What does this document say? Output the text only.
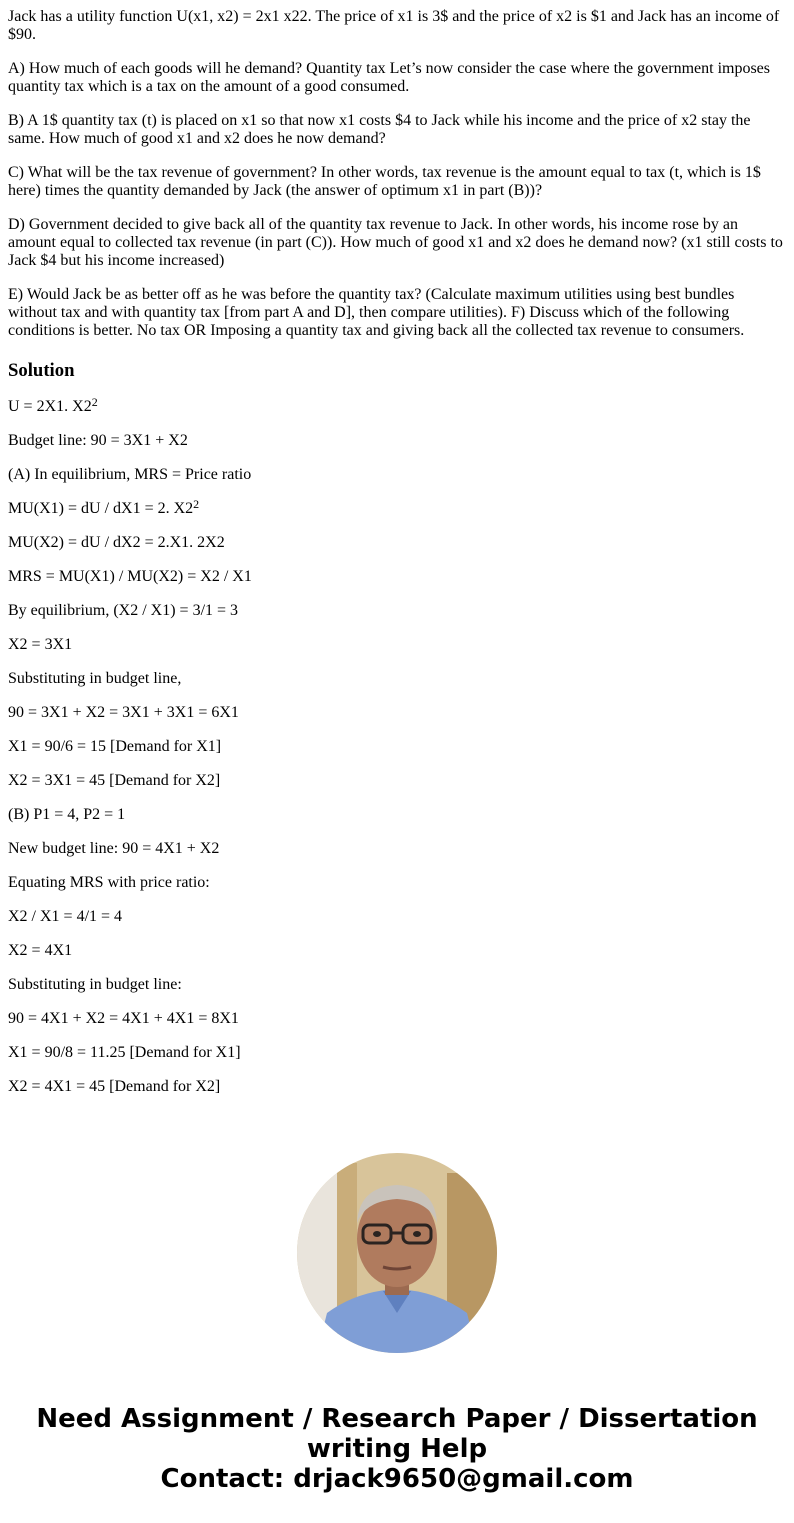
Jack has a utility function U(x1, x2) = 2x1 x22. The price of x1 is 3$ and the price of x2 is $1 and Jack has an income of $90.

A) How much of each goods will he demand? Quantity tax Let’s now consider the case where the government imposes quantity tax which is a tax on the amount of a good consumed.

B) A 1$ quantity tax (t) is placed on x1 so that now x1 costs $4 to Jack while his income and the price of x2 stay the same. How much of good x1 and x2 does he now demand?

C) What will be the tax revenue of government? In other words, tax revenue is the amount equal to tax (t, which is 1$ here) times the quantity demanded by Jack (the answer of optimum x1 in part (B))?

D) Government decided to give back all of the quantity tax revenue to Jack. In other words, his income rose by an amount equal to collected tax revenue (in part (C)). How much of good x1 and x2 does he demand now? (x1 still costs to Jack $4 but his income increased)

E) Would Jack be as better off as he was before the quantity tax? (Calculate maximum utilities using best bundles without tax and with quantity tax [from part A and D], then compare utilities). F) Discuss which of the following conditions is better. No tax OR Imposing a quantity tax and giving back all the collected tax revenue to consumers.

Solution

U = 2X1. $X2^2$

Budget line: 90 = 3X1 + X2

(A) In equilibrium, MRS = Price ratio

MU(X1) = dU / dX1 = 2. $X2^2$

MU(X2) = dU / dX2 = 2.X1. 2X2

MRS = MU(X1) / MU(X2) = X2 / X1

By equilibrium, (X2 / X1) = 3/1 = 3

X2 = 3X1

Substituting in budget line,

90 = 3X1 + X2 = 3X1 + 3X1 = 6X1

X1 = 90/6 = 15 [Demand for X1]

X2 = 3X1 = 45 [Demand for X2]

(B) P1 = 4, P2 = 1

New budget line: 90 = 4X1 + X2

Equating MRS with price ratio:

X2 / X1 = 4/1 = 4

X2 = 4X1

Substituting in budget line:

90 = 4X1 + X2 = 4X1 + 4X1 = 8X1

X1 = 90/8 = 11.25 [Demand for X1]

X2 = 4X1 = 45 [Demand for X2]

Need Assignment / Research Paper / Dissertation
writing Help
Contact: drjack9650@gmail.com
